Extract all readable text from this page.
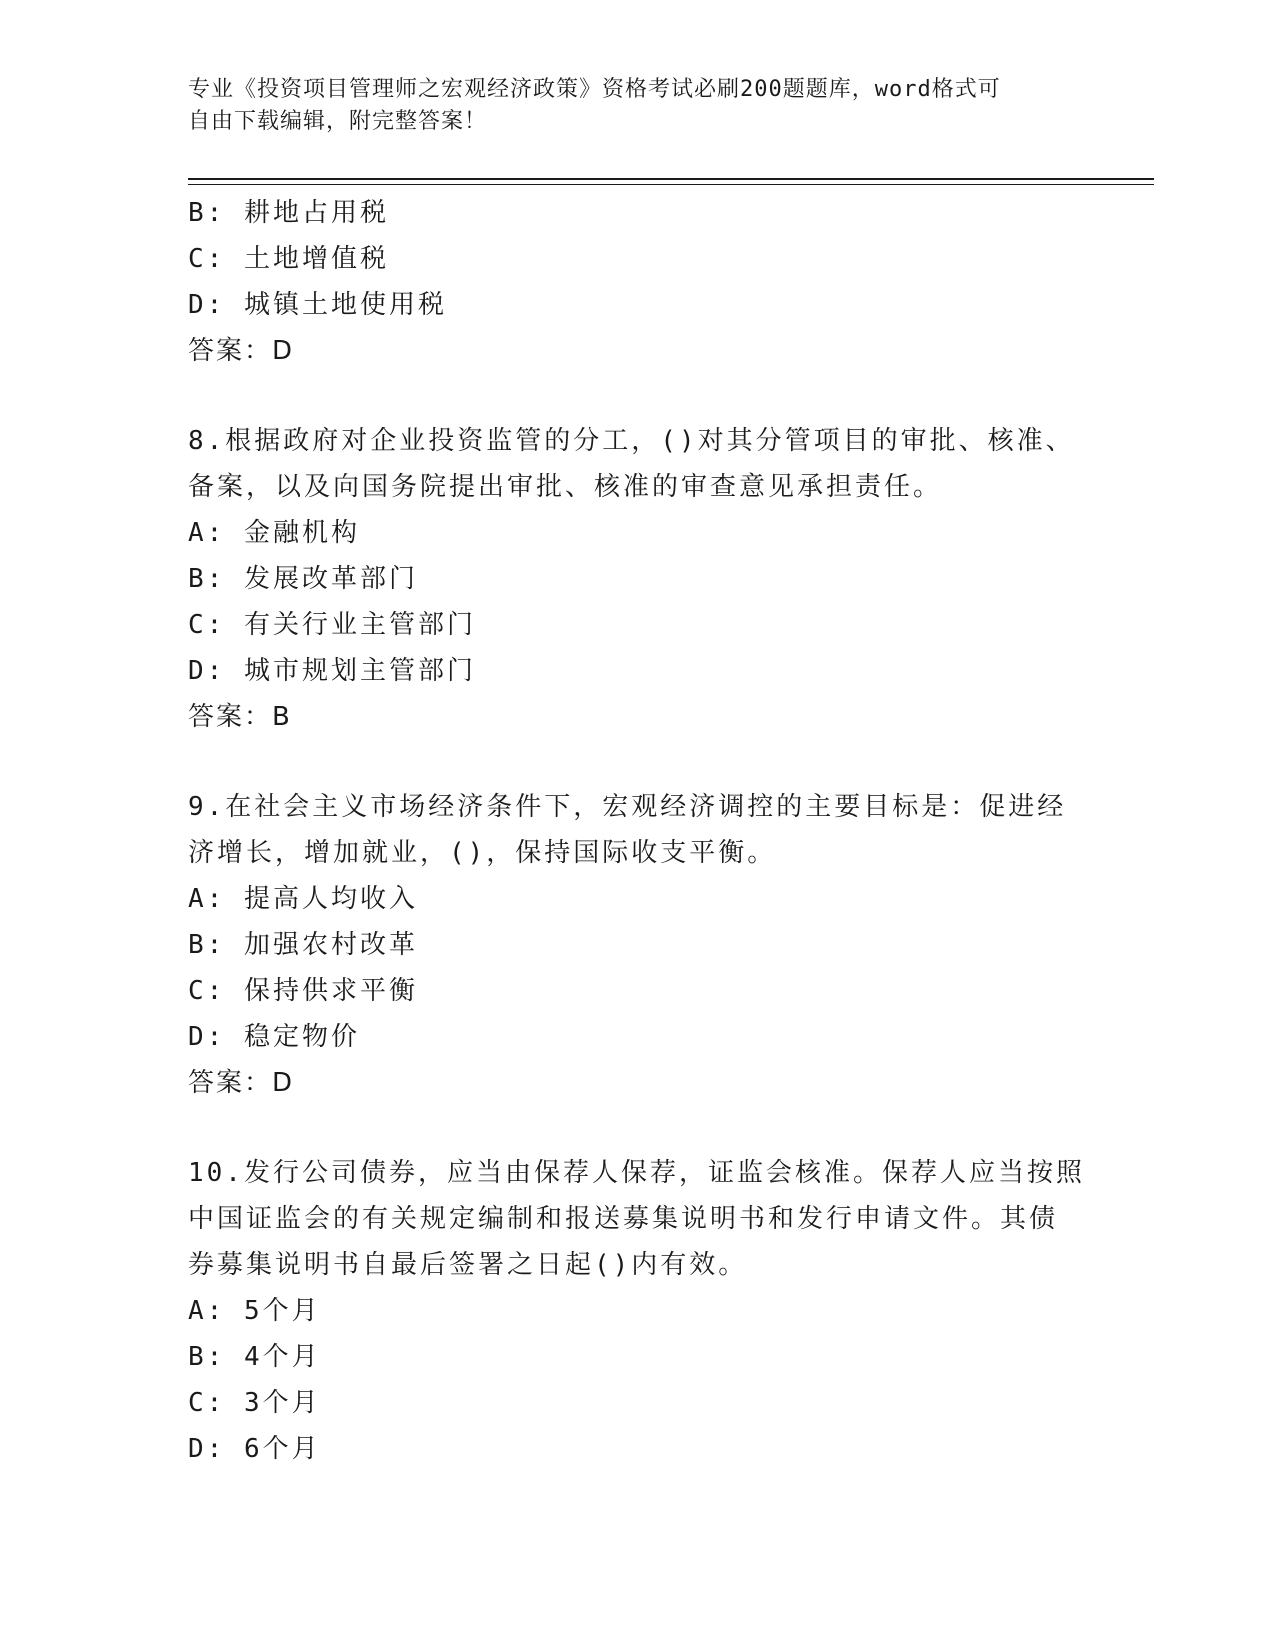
专业《投资项目管理师之宏观经济政策》资格考试必刷200题题库，word格式可
自由下载编辑，附完整答案！
B: 耕地占用税
C: 土地增值税
D: 城镇土地使用税
答案：D
8.根据政府对企业投资监管的分工，()对其分管项目的审批、核准、
备案，以及向国务院提出审批、核准的审查意见承担责任。
A: 金融机构
B: 发展改革部门
C: 有关行业主管部门
D: 城市规划主管部门
答案：B
9.在社会主义市场经济条件下，宏观经济调控的主要目标是：促进经
济增长，增加就业，()，保持国际收支平衡。
A: 提高人均收入
B: 加强农村改革
C: 保持供求平衡
D: 稳定物价
答案：D
10.发行公司债券，应当由保荐人保荐，证监会核准。保荐人应当按照
中国证监会的有关规定编制和报送募集说明书和发行申请文件。其债
券募集说明书自最后签署之日起()内有效。
A: 5个月
B: 4个月
C: 3个月
D: 6个月
